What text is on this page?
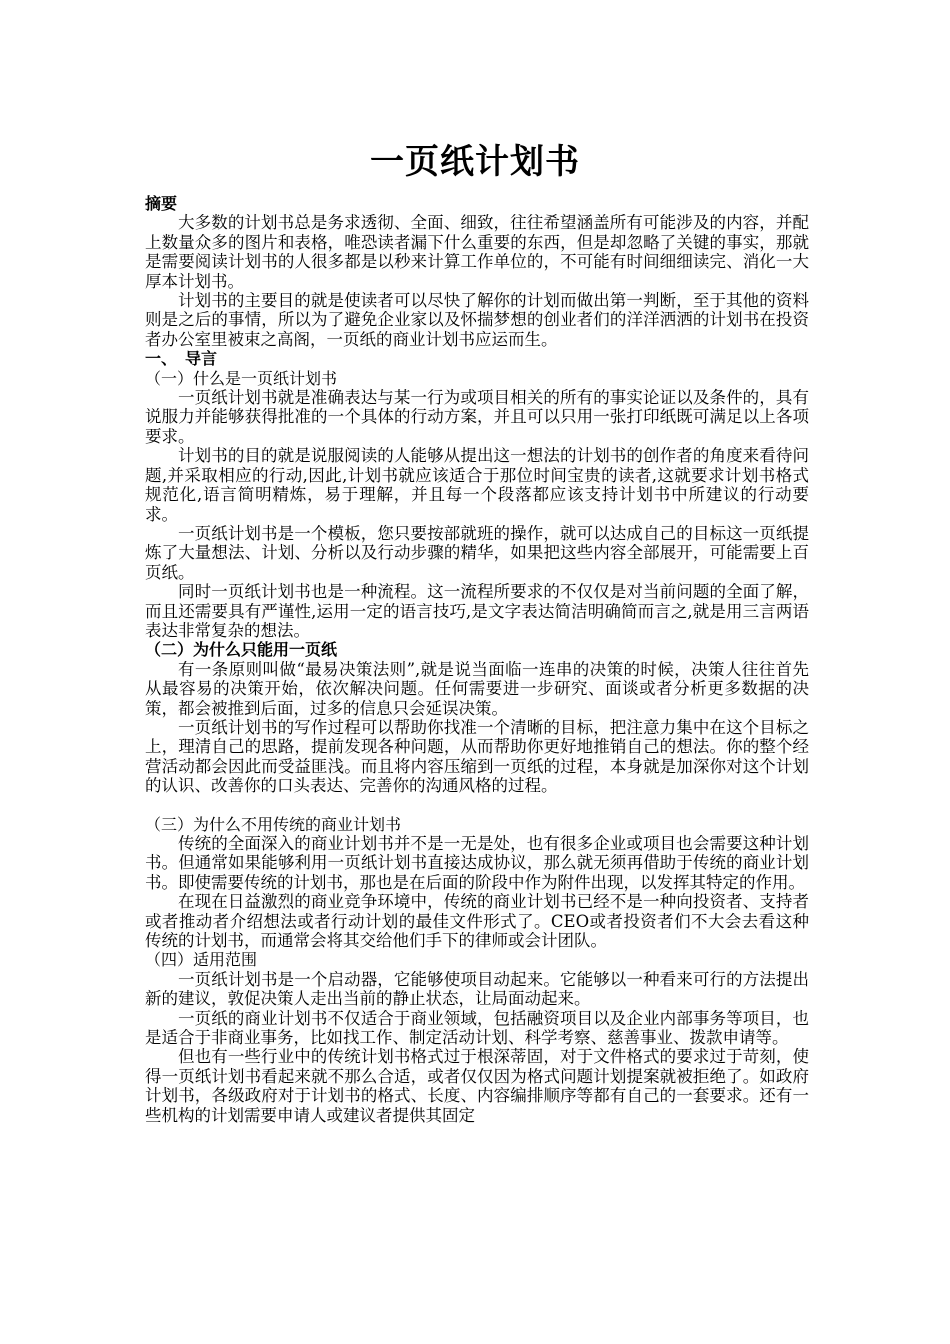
一页纸计划书

摘要

大多数的计划书总是务求透彻、全面、细致，往往希望涵盖所有可能涉及的内容，并配上数量众多的图片和表格，唯恐读者漏下什么重要的东西，但是却忽略了关键的事实，那就是需要阅读计划书的人很多都是以秒来计算工作单位的，不可能有时间细细读完、消化一大厚本计划书。

计划书的主要目的就是使读者可以尽快了解你的计划而做出第一判断，至于其他的资料则是之后的事情，所以为了避免企业家以及怀揣梦想的创业者们的洋洋洒洒的计划书在投资者办公室里被束之高阁，一页纸的商业计划书应运而生。

一、　导言

（一）什么是一页纸计划书

一页纸计划书就是准确表达与某一行为或项目相关的所有的事实论证以及条件的，具有说服力并能够获得批准的一个具体的行动方案，并且可以只用一张打印纸既可满足以上各项要求。

计划书的目的就是说服阅读的人能够从提出这一想法的计划书的创作者的角度来看待问题,并采取相应的行动,因此,计划书就应该适合于那位时间宝贵的读者,这就要求计划书格式规范化,语言简明精炼，易于理解，并且每一个段落都应该支持计划书中所建议的行动要求。

一页纸计划书是一个模板，您只要按部就班的操作，就可以达成自己的目标这一页纸提炼了大量想法、计划、分析以及行动步骤的精华，如果把这些内容全部展开，可能需要上百页纸。

同时一页纸计划书也是一种流程。这一流程所要求的不仅仅是对当前问题的全面了解，而且还需要具有严谨性,运用一定的语言技巧,是文字表达简洁明确简而言之,就是用三言两语表达非常复杂的想法。

（二）为什么只能用一页纸

有一条原则叫做“最易决策法则”,就是说当面临一连串的决策的时候，决策人往往首先从最容易的决策开始，依次解决问题。任何需要进一步研究、面谈或者分析更多数据的决策，都会被推到后面，过多的信息只会延误决策。

一页纸计划书的写作过程可以帮助你找准一个清晰的目标，把注意力集中在这个目标之上，理清自己的思路，提前发现各种问题，从而帮助你更好地推销自己的想法。你的整个经营活动都会因此而受益匪浅。而且将内容压缩到一页纸的过程，本身就是加深你对这个计划的认识、改善你的口头表达、完善你的沟通风格的过程。

（三）为什么不用传统的商业计划书

传统的全面深入的商业计划书并不是一无是处，也有很多企业或项目也会需要这种计划书。但通常如果能够利用一页纸计划书直接达成协议，那么就无须再借助于传统的商业计划书。即使需要传统的计划书，那也是在后面的阶段中作为附件出现，以发挥其特定的作用。

在现在日益激烈的商业竞争环境中，传统的商业计划书已经不是一种向投资者、支持者或者推动者介绍想法或者行动计划的最佳文件形式了。CEO或者投资者们不大会去看这种传统的计划书，而通常会将其交给他们手下的律师或会计团队。

（四）适用范围

一页纸计划书是一个启动器，它能够使项目动起来。它能够以一种看来可行的方法提出新的建议，敦促决策人走出当前的静止状态，让局面动起来。

一页纸的商业计划书不仅适合于商业领域，包括融资项目以及企业内部事务等项目，也是适合于非商业事务，比如找工作、制定活动计划、科学考察、慈善事业、拨款申请等。

但也有一些行业中的传统计划书格式过于根深蒂固，对于文件格式的要求过于苛刻，使得一页纸计划书看起来就不那么合适，或者仅仅因为格式问题计划提案就被拒绝了。如政府计划书，各级政府对于计划书的格式、长度、内容编排顺序等都有自己的一套要求。还有一些机构的计划需要申请人或建议者提供其固定
